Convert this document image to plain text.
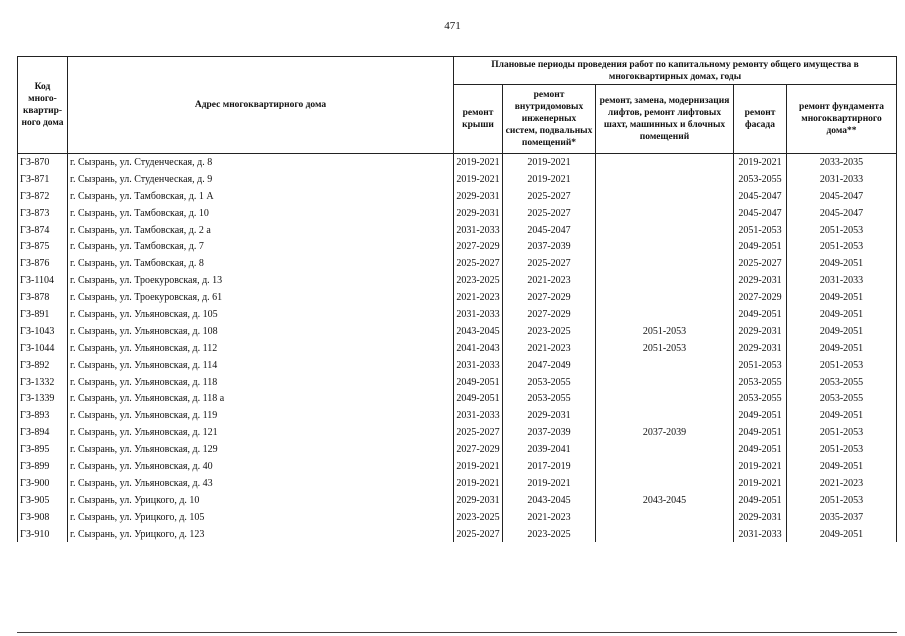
471
Код много-квартир-ного дома	Адрес многоквартирного дома	Плановые периоды проведения работ по капитальному ремонту общего имущества в многоквартирных домах, годы				
		ремонт крыши	ремонт внутридомовых инженерных систем, подвальных помещений*	ремонт, замена, модернизация лифтов, ремонт лифтовых шахт, машинных и блочных помещений	ремонт фасада	ремонт фундамента многоквартирного дома**
ГЗ-870	г. Сызрань, ул. Студенческая, д. 8	2019-2021	2019-2021		2019-2021	2033-2035
ГЗ-871	г. Сызрань, ул. Студенческая, д. 9	2019-2021	2019-2021		2053-2055	2031-2033
ГЗ-872	г. Сызрань, ул. Тамбовская, д. 1 А	2029-2031	2025-2027		2045-2047	2045-2047
ГЗ-873	г. Сызрань, ул. Тамбовская, д. 10	2029-2031	2025-2027		2045-2047	2045-2047
ГЗ-874	г. Сызрань, ул. Тамбовская, д. 2 а	2031-2033	2045-2047		2051-2053	2051-2053
ГЗ-875	г. Сызрань, ул. Тамбовская, д. 7	2027-2029	2037-2039		2049-2051	2051-2053
ГЗ-876	г. Сызрань, ул. Тамбовская, д. 8	2025-2027	2025-2027		2025-2027	2049-2051
ГЗ-1104	г. Сызрань, ул. Троекуровская, д. 13	2023-2025	2021-2023		2029-2031	2031-2033
ГЗ-878	г. Сызрань, ул. Троекуровская, д. 61	2021-2023	2027-2029		2027-2029	2049-2051
ГЗ-891	г. Сызрань, ул. Ульяновская, д. 105	2031-2033	2027-2029		2049-2051	2049-2051
ГЗ-1043	г. Сызрань, ул. Ульяновская, д. 108	2043-2045	2023-2025	2051-2053	2029-2031	2049-2051
ГЗ-1044	г. Сызрань, ул. Ульяновская, д. 112	2041-2043	2021-2023	2051-2053	2029-2031	2049-2051
ГЗ-892	г. Сызрань, ул. Ульяновская, д. 114	2031-2033	2047-2049		2051-2053	2051-2053
ГЗ-1332	г. Сызрань, ул. Ульяновская, д. 118	2049-2051	2053-2055		2053-2055	2053-2055
ГЗ-1339	г. Сызрань, ул. Ульяновская, д. 118 а	2049-2051	2053-2055		2053-2055	2053-2055
ГЗ-893	г. Сызрань, ул. Ульяновская, д. 119	2031-2033	2029-2031		2049-2051	2049-2051
ГЗ-894	г. Сызрань, ул. Ульяновская, д. 121	2025-2027	2037-2039	2037-2039	2049-2051	2051-2053
ГЗ-895	г. Сызрань, ул. Ульяновская, д. 129	2027-2029	2039-2041		2049-2051	2051-2053
ГЗ-899	г. Сызрань, ул. Ульяновская, д. 40	2019-2021	2017-2019		2019-2021	2049-2051
ГЗ-900	г. Сызрань, ул. Ульяновская, д. 43	2019-2021	2019-2021		2019-2021	2021-2023
ГЗ-905	г. Сызрань, ул. Урицкого, д. 10	2029-2031	2043-2045	2043-2045	2049-2051	2051-2053
ГЗ-908	г. Сызрань, ул. Урицкого, д. 105	2023-2025	2021-2023		2029-2031	2035-2037
ГЗ-910	г. Сызрань, ул. Урицкого, д. 123	2025-2027	2023-2025		2031-2033	2049-2051
